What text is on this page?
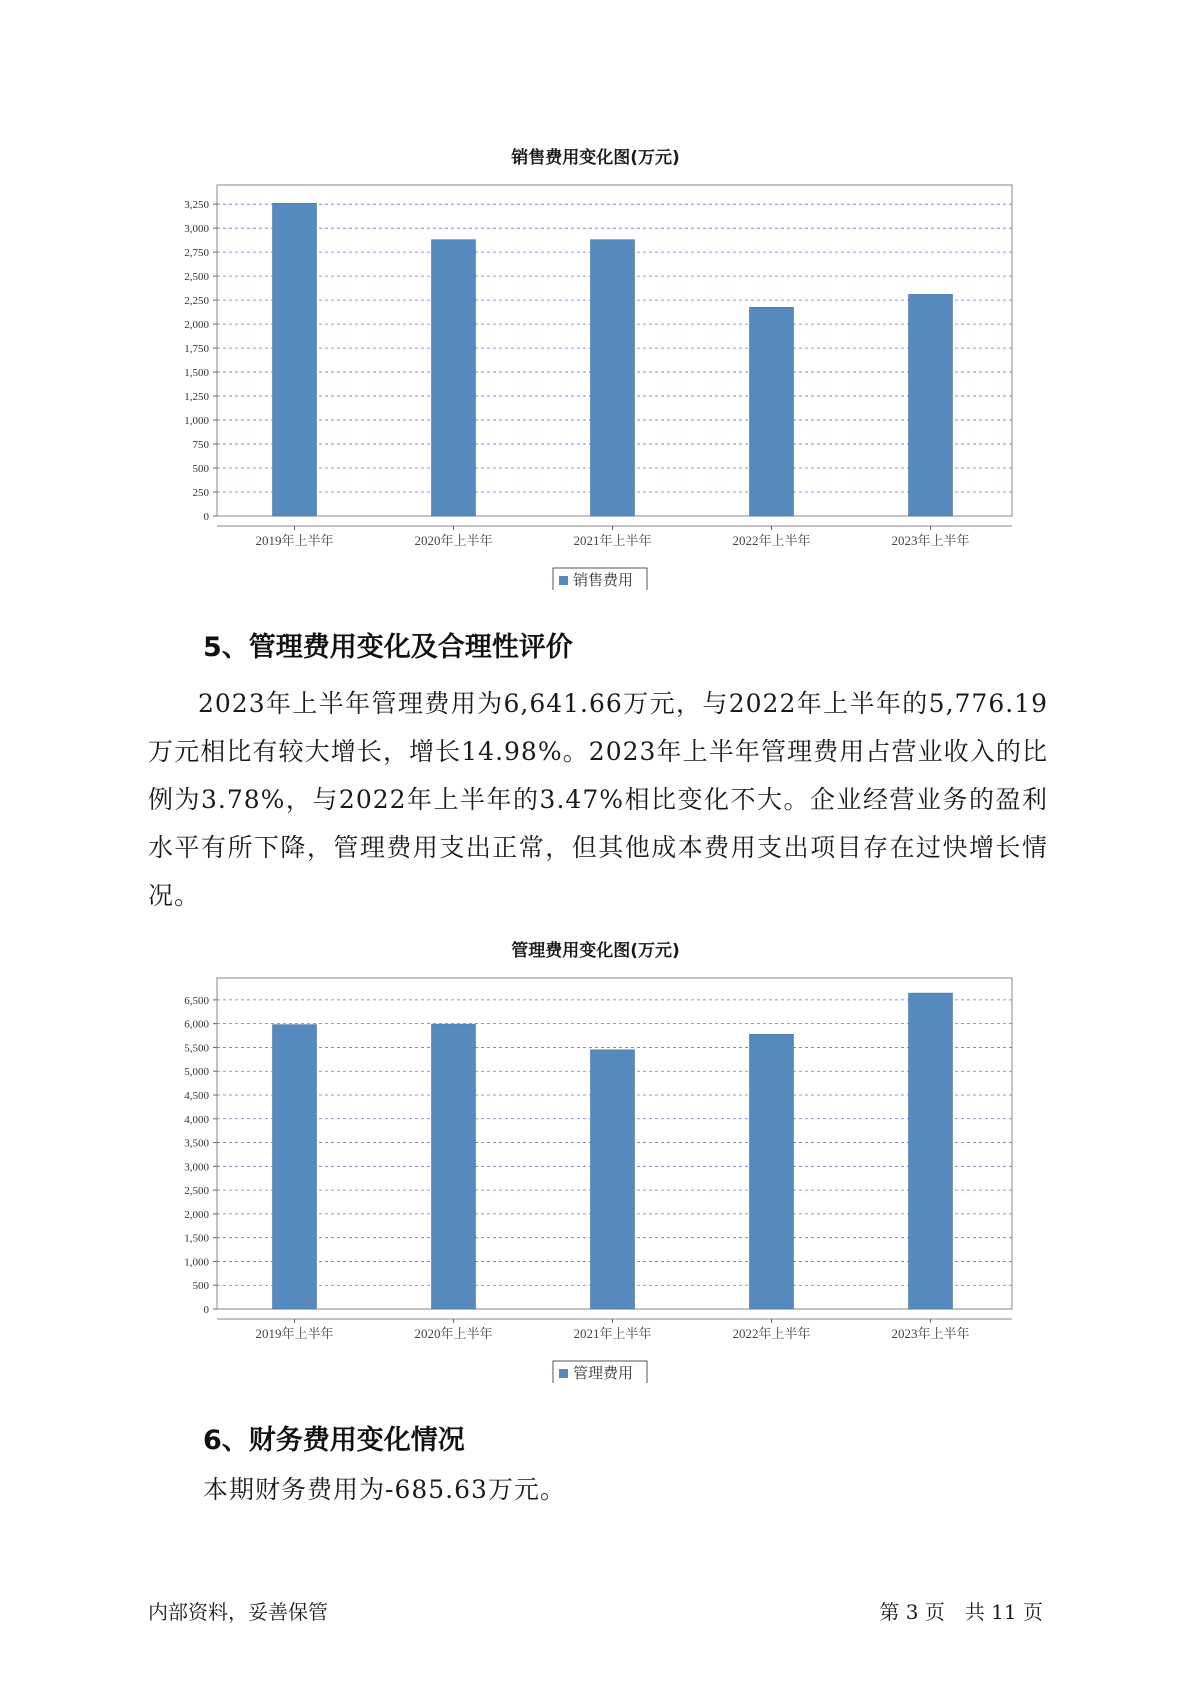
销售费用变化图(万元)
0
250
500
750
1,000
1,250
1,500
1,750
2,000
2,250
2,500
2,750
3,000
3,250
2019年上半年	2020年上半年	2021年上半年	2022年上半年	2023年上半年
销售费用
5、管理费用变化及合理性评价

2023年上半年管理费用为6,641.66万元，与2022年上半年的5,776.19万元相比有较大增长，增长14.98%。2023年上半年管理费用占营业收入的比例为3.78%，与2022年上半年的3.47%相比变化不大。企业经营业务的盈利水平有所下降，管理费用支出正常，但其他成本费用支出项目存在过快增长情况。

管理费用变化图(万元)
0
500
1,000
1,500
2,000
2,500
3,000
3,500
4,000
4,500
5,000
5,500
6,000
6,500
2019年上半年	2020年上半年	2021年上半年	2022年上半年	2023年上半年
管理费用
6、财务费用变化情况

本期财务费用为-685.63万元。

内部资料，妥善保管	第 3 页　共 11 页
